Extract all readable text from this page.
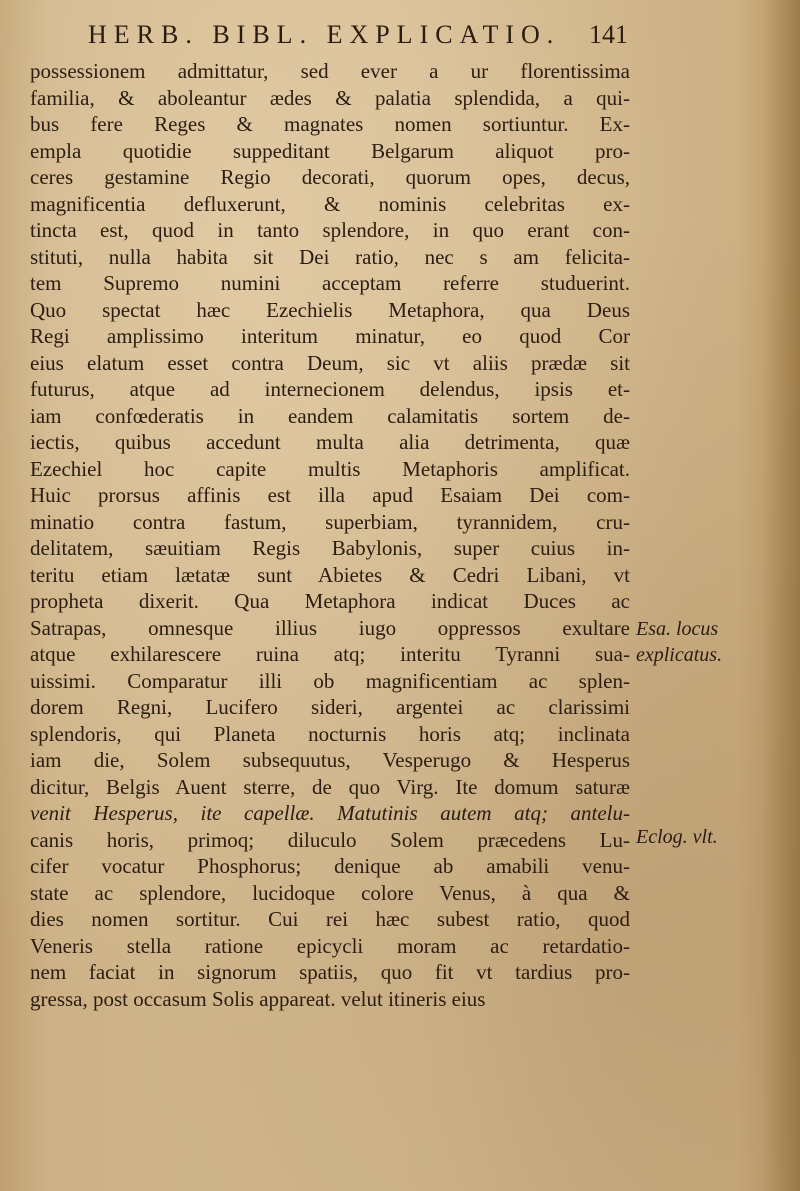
HERB. BIBL. EXPLICATIO. 141
possessionem admittatur, sed ever a ur florentissima
familia, & aboleantur ædes & palatia splendida, a qui-
bus fere Reges & magnates nomen sortiuntur. Ex-
empla quotidie suppeditant Belgarum aliquot pro-
ceres gestamine Regio decorati, quorum opes, decus,
magnificentia defluxerunt, & nominis celebritas ex-
tincta est, quod in tanto splendore, in quo erant con-
stituti, nulla habita sit Dei ratio, nec s am felicita-
tem Supremo numini acceptam referre studuerint.
Quo spectat hæc Ezechielis Metaphora, qua Deus
Regi amplissimo interitum minatur, eo quod Cor
eius elatum esset contra Deum, sic vt aliis prædæ sit
futurus, atque ad internecionem delendus, ipsis et-
iam confœderatis in eandem calamitatis sortem de-
iectis, quibus accedunt multa alia detrimenta, quæ
Ezechiel hoc capite multis Metaphoris amplificat.
Huic prorsus affinis est illa apud Esaiam Dei com-
minatio contra fastum, superbiam, tyrannidem, cru-
delitatem, sæuitiam Regis Babylonis, super cuius in-
teritu etiam lætatæ sunt Abietes & Cedri Libani, vt
propheta dixerit. Qua Metaphora indicat Duces ac
Satrapas, omnesque illius iugo oppressos exultare
atque exhilarescere ruina atq; interitu Tyranni sua-
uissimi. Comparatur illi ob magnificentiam ac splen-
dorem Regni, Lucifero sideri, argentei ac clarissimi
splendoris, qui Planeta nocturnis horis atq; inclinata
iam die, Solem subsequutus, Vesperugo & Hesperus
dicitur, Belgis Auent sterre, de quo Virg. Ite domum saturæ
venit Hesperus, ite capellæ. Matutinis autem atq; antelu-
canis horis, primoq; diluculo Solem præcedens Lu-
cifer vocatur Phosphorus; denique ab amabili venu-
state ac splendore, lucidoque colore Venus, à qua &
dies nomen sortitur. Cui rei hæc subest ratio, quod
Veneris stella ratione epicycli moram ac retardatio-
nem faciat in signorum spatiis, quo fit vt tardius pro-
gressa, post occasum Solis appareat. velut itineris eius
Esa. locus
explicatus.
Eclog. vlt.
